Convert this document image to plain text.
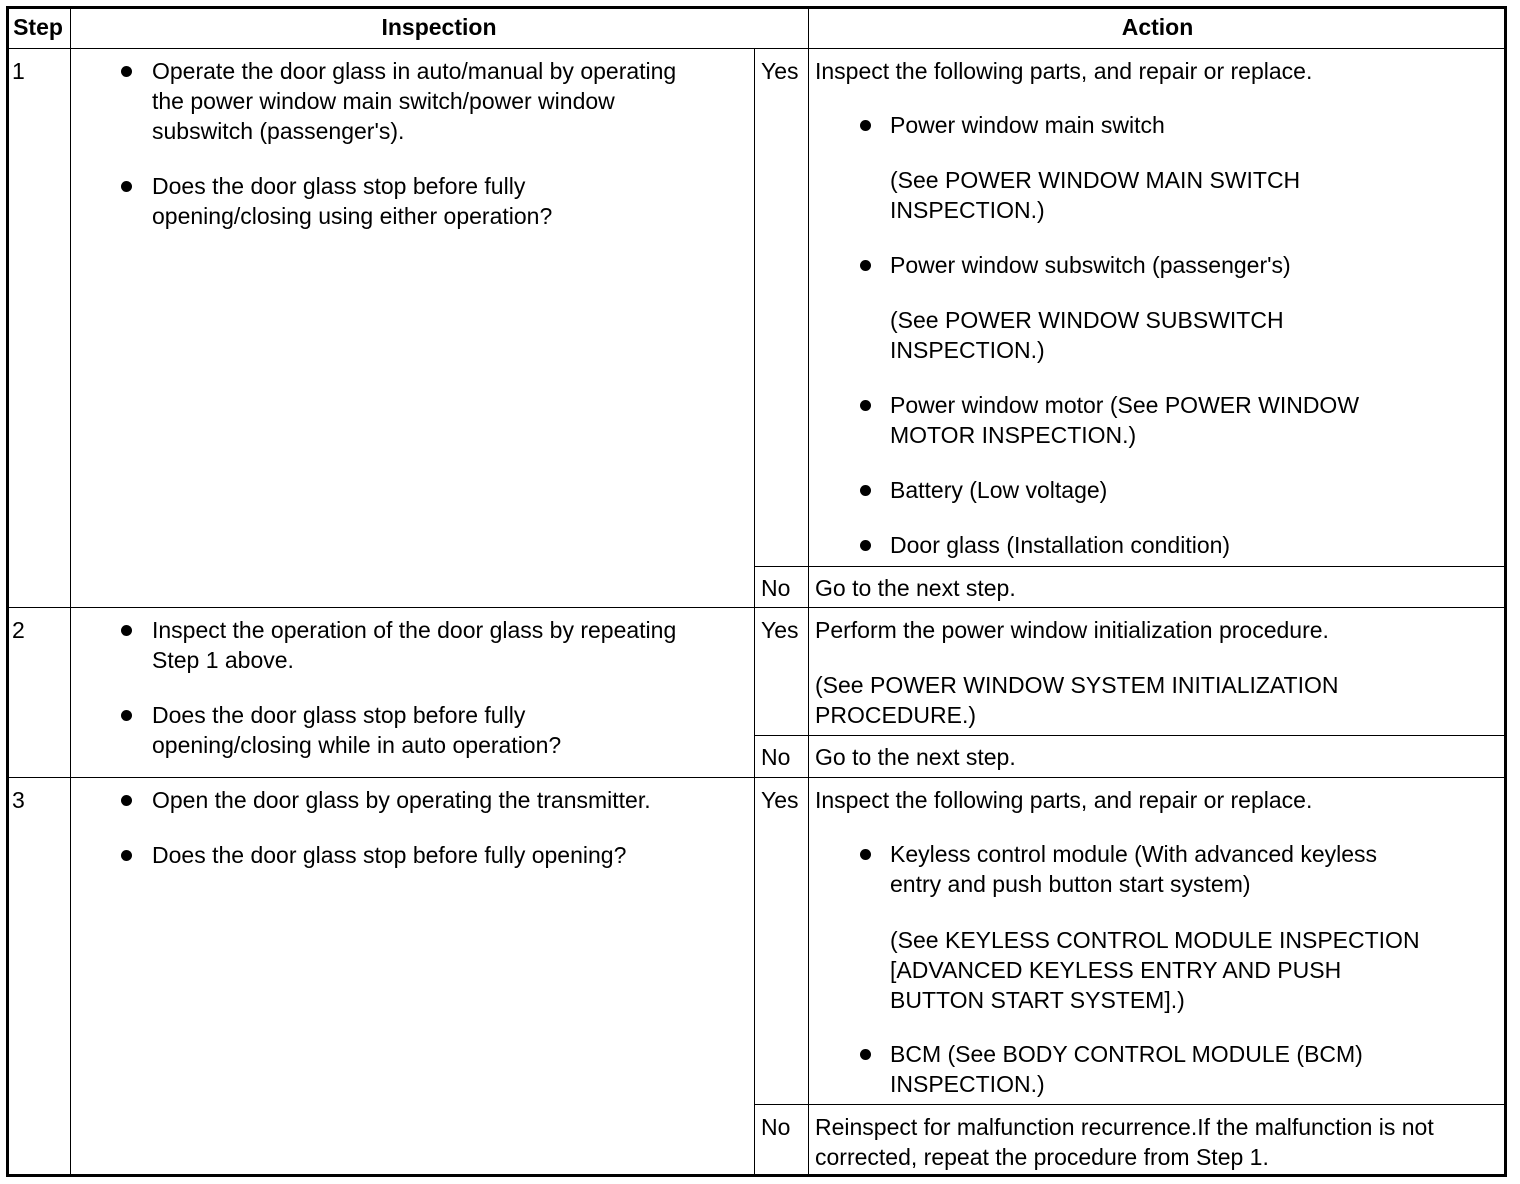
Step	Inspection	Action
1	Operate the door glass in auto/manual by operating
the power window main switch/power window
subswitch (passenger's).
Does the door glass stop before fully
opening/closing using either operation?
Yes Inspect the following parts, and repair or replace.
Power window main switch
(See POWER WINDOW MAIN SWITCH
INSPECTION.)
Power window subswitch (passenger's)
(See POWER WINDOW SUBSWITCH
INSPECTION.)
Power window motor (See POWER WINDOW
MOTOR INSPECTION.)
Battery (Low voltage)
Door glass (Installation condition)
No Go to the next step.
2	Inspect the operation of the door glass by repeating
Step 1 above.
Does the door glass stop before fully
opening/closing while in auto operation?
Yes Perform the power window initialization procedure.
(See POWER WINDOW SYSTEM INITIALIZATION
PROCEDURE.)
No Go to the next step.
3	Open the door glass by operating the transmitter.
Does the door glass stop before fully opening?
Yes Inspect the following parts, and repair or replace.
Keyless control module (With advanced keyless
entry and push button start system)
(See KEYLESS CONTROL MODULE INSPECTION
[ADVANCED KEYLESS ENTRY AND PUSH
BUTTON START SYSTEM].)
BCM (See BODY CONTROL MODULE (BCM)
INSPECTION.)
No Reinspect for malfunction recurrence.If the malfunction is not
corrected, repeat the procedure from Step 1.
